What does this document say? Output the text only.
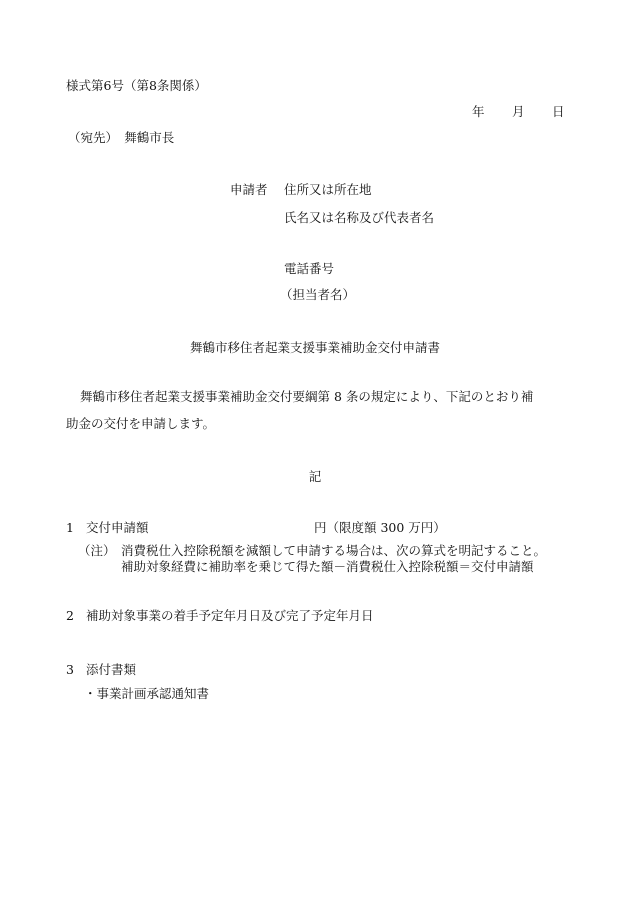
様式第6号（第8条関係）
年 月 日
（宛先）　舞鶴市長
申請者 住所又は所在地
氏名又は名称及び代表者名
電話番号
（担当者名）
舞鶴市移住者起業支援事業補助金交付申請書
舞鶴市移住者起業支援事業補助金交付要綱第 8 条の規定により、下記のとおり補
助金の交付を申請します。
記
1 交付申請額	円（限度額 300 万円）
（注） 消費税仕入控除税額を減額して申請する場合は、次の算式を明記すること。
補助対象経費に補助率を乗じて得た額－消費税仕入控除税額＝交付申請額
2 補助対象事業の着手予定年月日及び完了予定年月日
3 添付書類
・事業計画承認通知書
